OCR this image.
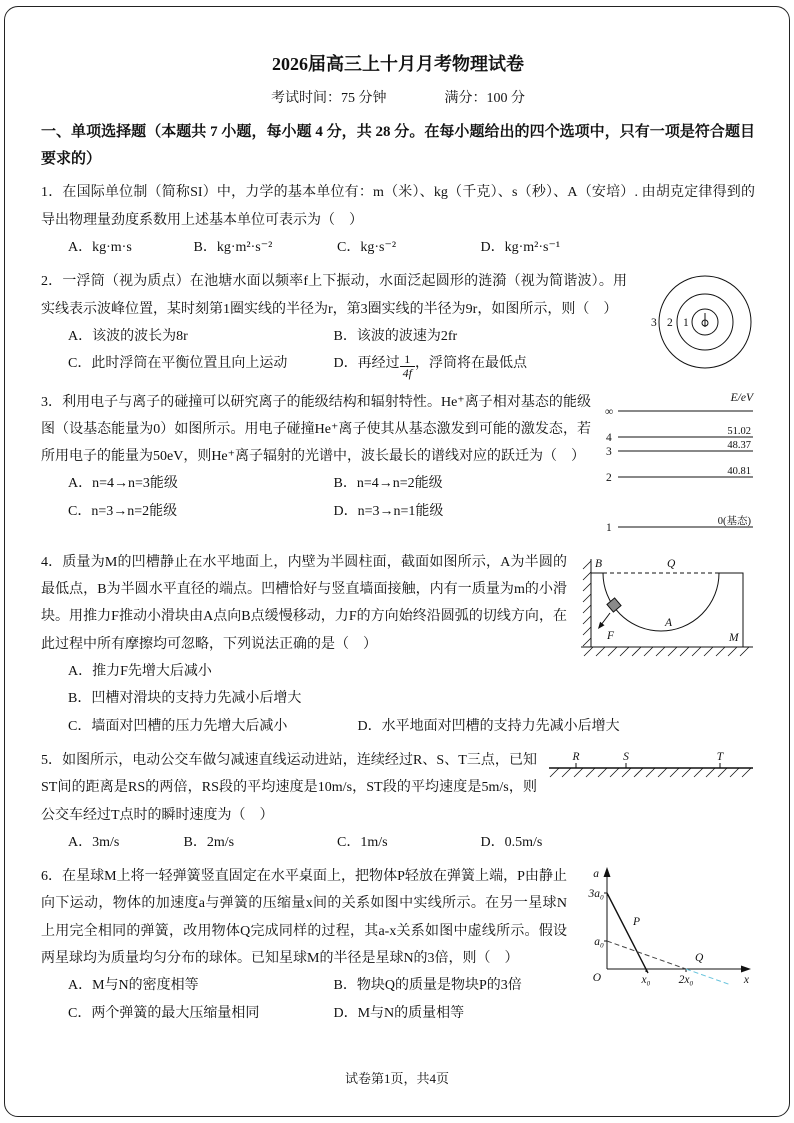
2026届高三上十月月考物理试卷
考试时间：75 分钟	满分：100 分
一、单项选择题（本题共 7 小题，每小题 4 分，共 28 分。在每小题给出的四个选项中，只有一项是符合题目要求的）
1．在国际单位制（简称SI）中，力学的基本单位有：m（米）、kg（千克）、s（秒）、A（安培）. 由胡克定律得到的导出物理量劲度系数用上述基本单位可表示为（　）
A．kg·m·s	B．kg·m²·s⁻²	C．kg·s⁻²	D．kg·m²·s⁻¹
3 2 1
2．一浮筒（视为质点）在池塘水面以频率f上下振动，水面泛起圆形的涟漪（视为简谐波）。用实线表示波峰位置，某时刻第1圈实线的半径为r，第3圈实线的半径为9r，如图所示，则（　）
A．该波的波长为8r	B．该波的波速为2fr
C．此时浮筒在平衡位置且向上运动	D．再经过 $\frac{1}{4f}$ ，浮筒将在最低点
E/eV
∞
4
51.02
3
48.37
2
40.81
1
0(基态)
3．利用电子与离子的碰撞可以研究离子的能级结构和辐射特性。He⁺离子相对基态的能级图（设基态能量为0）如图所示。用电子碰撞He⁺离子使其从基态激发到可能的激发态，若所用电子的能量为50eV，则He⁺离子辐射的光谱中，波长最长的谱线对应的跃迁为（　）
A．n=4→n=3能级	B．n=4→n=2能级
C．n=3→n=2能级	D．n=3→n=1能级
B	Q
A
F	M
4．质量为M的凹槽静止在水平地面上，内壁为半圆柱面，截面如图所示，A为半圆的最低点，B为半圆水平直径的端点。凹槽恰好与竖直墙面接触，内有一质量为m的小滑块。用推力F推动小滑块由A点向B点缓慢移动，力F的方向始终沿圆弧的切线方向，在此过程中所有摩擦均可忽略，下列说法正确的是（　）
A．推力F先增大后减小 B．凹槽对滑块的支持力先减小后增大
C．墙面对凹槽的压力先增大后减小	D．水平地面对凹槽的支持力先减小后增大
R	S	T
5．如图所示，电动公交车做匀减速直线运动进站，连续经过R、S、T三点，已知ST间的距离是RS的两倍，RS段的平均速度是10m/s，ST段的平均速度是5m/s，则公交车经过T点时的瞬时速度为（　）
A．3m/s	B．2m/s	C．1m/s	D．0.5m/s
a
x
O
3a₀
a₀
x₀ 2x₀
P
Q
6．在星球M上将一轻弹簧竖直固定在水平桌面上，把物体P轻放在弹簧上端，P由静止向下运动，物体的加速度a与弹簧的压缩量x间的关系如图中实线所示。在另一星球N上用完全相同的弹簧，改用物体Q完成同样的过程，其a-x关系如图中虚线所示。假设两星球均为质量均匀分布的球体。已知星球M的半径是星球N的3倍，则（　）
A．M与N的密度相等	B．物块Q的质量是物块P的3倍
C．两个弹簧的最大压缩量相同	D．M与N的质量相等
试卷第1页，共4页
